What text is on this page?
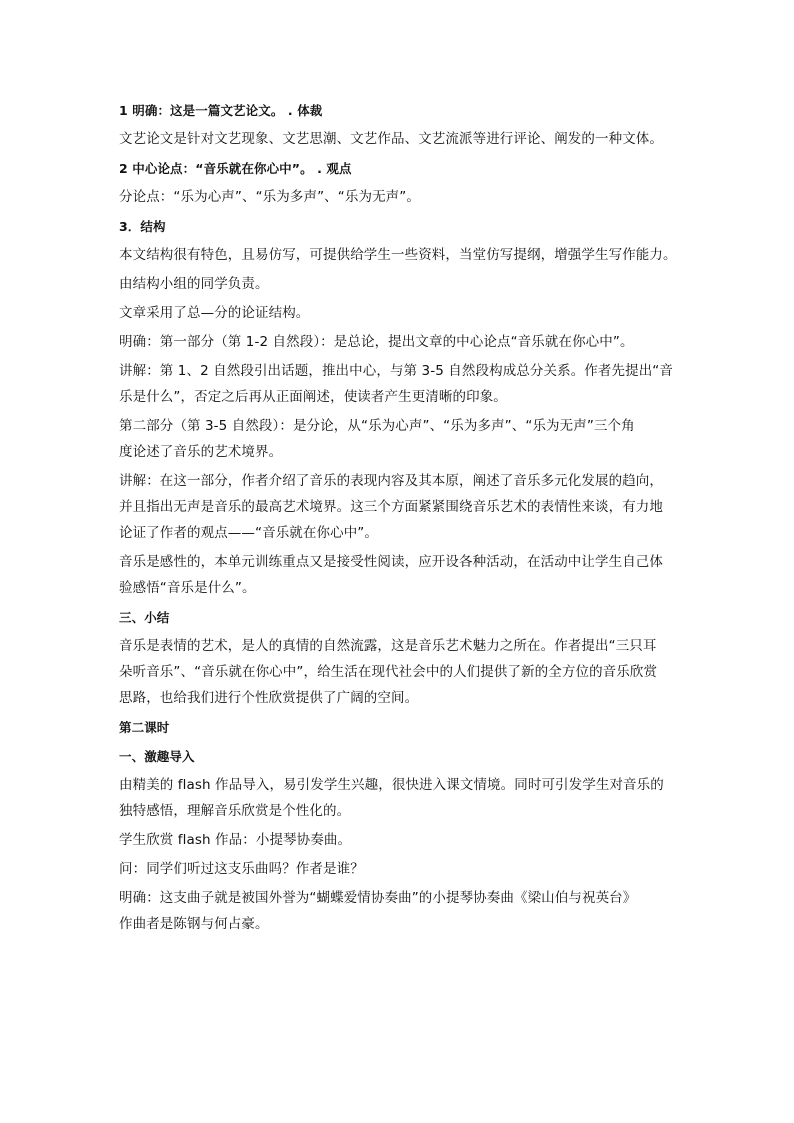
1 明确：这是一篇文艺论文。 . 体裁
文艺论文是针对文艺现象、文艺思潮、文艺作品、文艺流派等进行评论、阐发的一种文体。
2 中心论点：“音乐就在你心中”。 . 观点
分论点：“乐为心声”、“乐为多声”、“乐为无声”。
3．结构
本文结构很有特色，且易仿写，可提供给学生一些资料，当堂仿写提纲，增强学生写作能力。
由结构小组的同学负责。
文章采用了总—分的论证结构。
明确：第一部分（第 1-2 自然段）：是总论，提出文章的中心论点“音乐就在你心中”。
讲解：第 1、2 自然段引出话题，推出中心，与第 3-5 自然段构成总分关系。作者先提出“音
乐是什么”，否定之后再从正面阐述，使读者产生更清晰的印象。
第二部分（第 3-5 自然段）：是分论，从“乐为心声”、“乐为多声”、“乐为无声”三个角
度论述了音乐的艺术境界。
讲解：在这一部分，作者介绍了音乐的表现内容及其本原，阐述了音乐多元化发展的趋向，
并且指出无声是音乐的最高艺术境界。这三个方面紧紧围绕音乐艺术的表情性来谈，有力地
论证了作者的观点——“音乐就在你心中”。
音乐是感性的，本单元训练重点又是接受性阅读，应开设各种活动，在活动中让学生自己体
验感悟“音乐是什么”。
三、小结
音乐是表情的艺术，是人的真情的自然流露，这是音乐艺术魅力之所在。作者提出“三只耳
朵听音乐”、“音乐就在你心中”，给生活在现代社会中的人们提供了新的全方位的音乐欣赏
思路，也给我们进行个性欣赏提供了广阔的空间。
第二课时
一、激趣导入
由精美的 flash 作品导入，易引发学生兴趣，很快进入课文情境。同时可引发学生对音乐的
独特感悟，理解音乐欣赏是个性化的。
学生欣赏 flash 作品：小提琴协奏曲。
问：同学们听过这支乐曲吗？作者是谁？
明确：这支曲子就是被国外誉为“蝴蝶爱情协奏曲”的小提琴协奏曲《梁山伯与祝英台》
作曲者是陈钢与何占豪。
